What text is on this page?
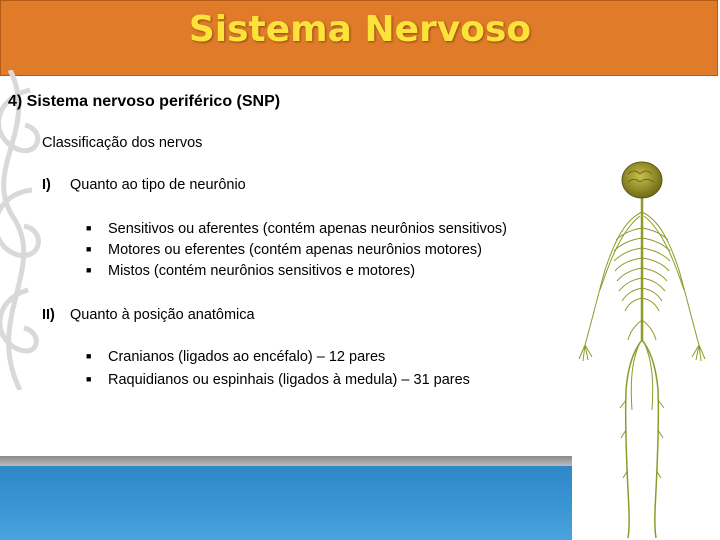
Sistema Nervoso
4) Sistema nervoso periférico (SNP)
Classificação dos nervos
I) Quanto ao tipo de neurônio
■ Sensitivos ou aferentes (contém apenas neurônios sensitivos)
■ Motores ou eferentes (contém apenas neurônios motores)
■ Mistos (contém neurônios sensitivos e motores)
II) Quanto à posição anatômica
■ Cranianos (ligados ao encéfalo) – 12 pares
■ Raquidianos ou espinhais (ligados à medula) – 31 pares
